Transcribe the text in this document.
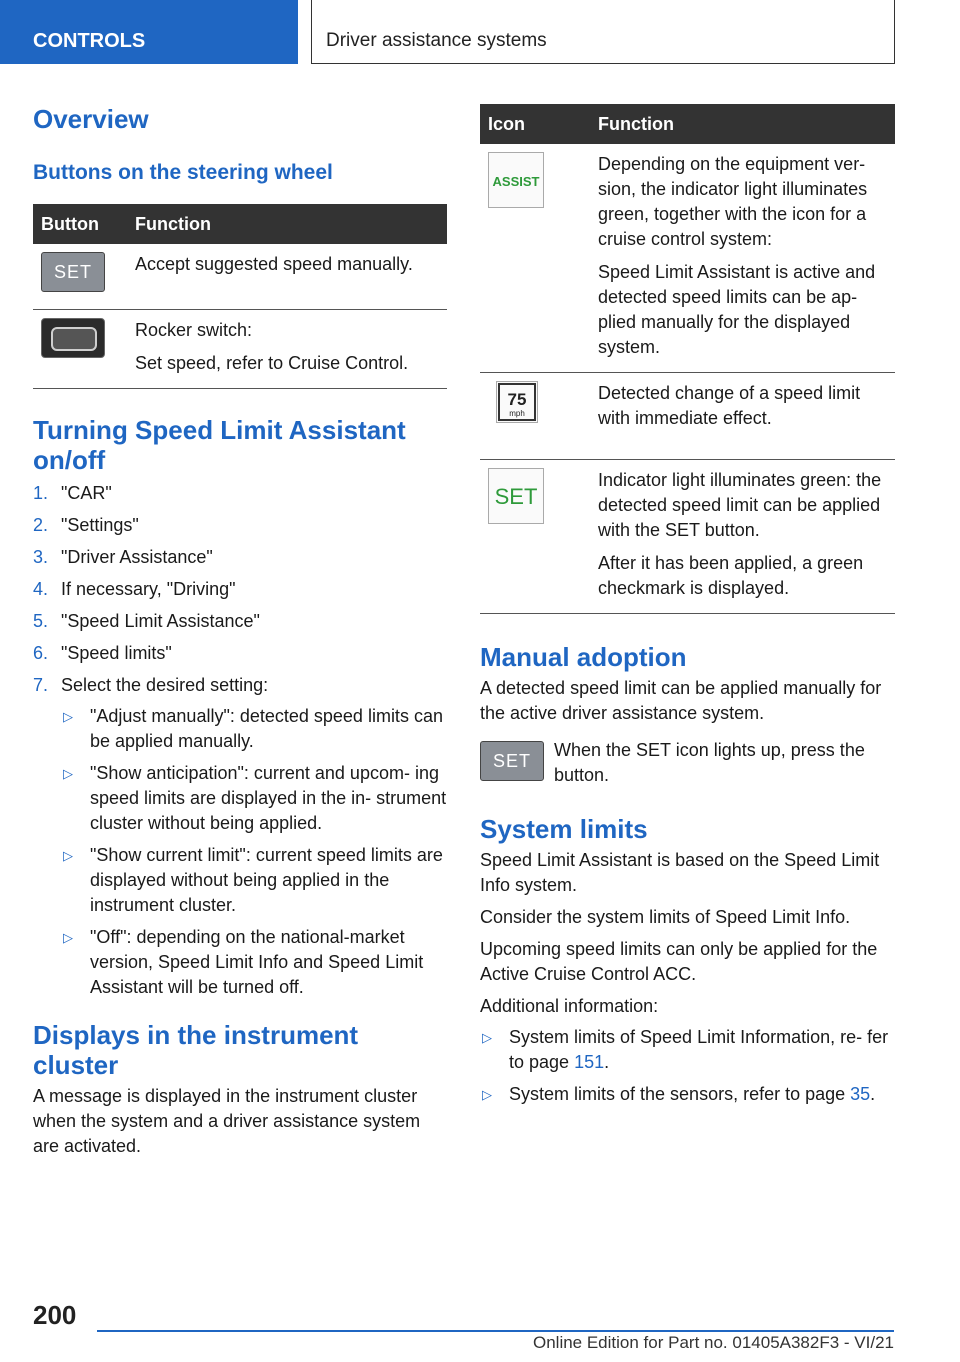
CONTROLS	Driver assistance systems
Overview
Buttons on the steering wheel
Button	Function
SET	Accept suggested speed manually.

	Rocker switch:
Set speed, refer to Cruise Control.
Turning Speed Limit Assistant on/off
1. "CAR"
2. "Settings"
3. "Driver Assistance"
4. If necessary, "Driving"
5. "Speed Limit Assistance"
6. "Speed limits"
7. Select the desired setting:
▷ "Adjust manually": detected speed limits can be applied manually.
▷ "Show anticipation": current and upcom‐ ing speed limits are displayed in the in‐ strument cluster without being applied.
▷ "Show current limit": current speed limits are displayed without being applied in the instrument cluster.
▷ "Off": depending on the national-market version, Speed Limit Info and Speed Limit Assistant will be turned off.
Displays in the instrument cluster

A message is displayed in the instrument cluster when the system and a driver assistance system are activated.

Icon	Function

ASSIST	Depending on the equipment ver‐ sion, the indicator light illuminates green, together with the icon for a cruise control system:
Speed Limit Assistant is active and detected speed limits can be ap‐ plied manually for the displayed system.

75
mph	Detected change of a speed limit with immediate effect.

SET	Indicator light illuminates green: the detected speed limit can be applied with the SET button.
After it has been applied, a green checkmark is displayed.
Manual adoption

A detected speed limit can be applied manually for the active driver assistance system.

SET

When the SET icon lights up, press the button.

System limits

Speed Limit Assistant is based on the Speed Limit Info system.

Consider the system limits of Speed Limit Info.

Upcoming speed limits can only be applied for the Active Cruise Control ACC.

Additional information:

▷ System limits of Speed Limit Information, re‐ fer to page 151.
▷ System limits of the sensors, refer to page 35.
200
Online Edition for Part no. 01405A382F3 - VI/21
